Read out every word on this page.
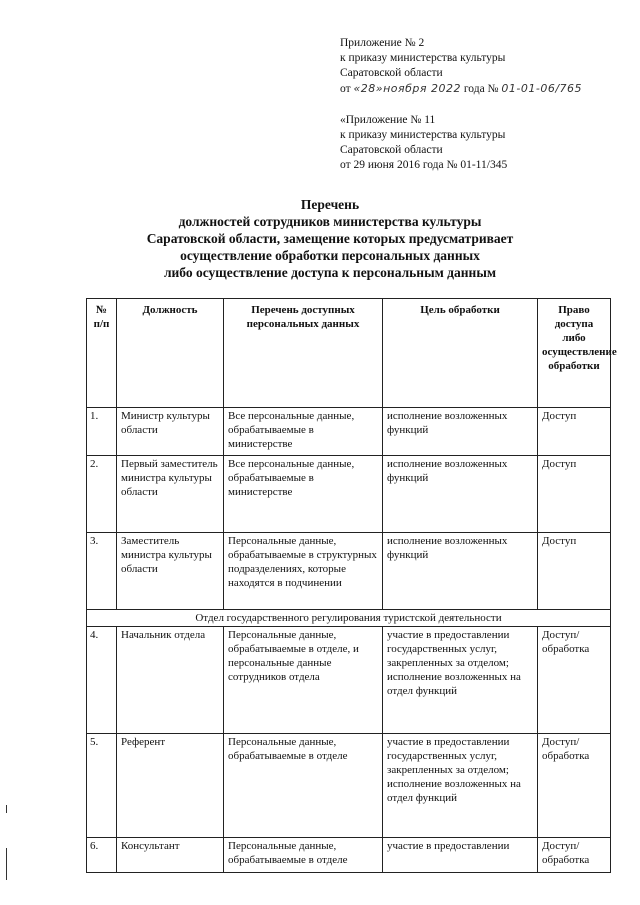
Приложение № 2
к приказу министерства культуры
Саратовской области
от «28»ноября 2022 года № 01-01-06/765
«Приложение № 11
к приказу министерства культуры
Саратовской области
от 29 июня 2016 года № 01-11/345
Перечень
должностей сотрудников министерства культуры
Саратовской области, замещение которых предусматривает
осуществление обработки персональных данных
либо осуществление доступа к персональным данным
№ п/п	Должность	Перечень доступных персональных данных	Цель обработки	Право доступа либо осуществление обработки
1.	Министр культуры области	Все персональные данные, обрабатываемые в министерстве	исполнение возложенных функций	Доступ
2.	Первый заместитель министра культуры области	Все персональные данные, обрабатываемые в министерстве	исполнение возложенных функций	Доступ
3.	Заместитель министра культуры области	Персональные данные, обрабатываемые в структурных подразделениях, которые находятся в подчинении	исполнение возложенных функций	Доступ
Отдел государственного регулирования туристской деятельности				
4.	Начальник отдела	Персональные данные, обрабатываемые в отделе, и персональные данные сотрудников отдела	участие в предоставлении государственных услуг, закрепленных за отделом; исполнение возложенных на отдел функций	Доступ/ обработка
5.	Референт	Персональные данные, обрабатываемые в отделе	участие в предоставлении государственных услуг, закрепленных за отделом; исполнение возложенных на отдел функций	Доступ/ обработка
6.	Консультант	Персональные данные, обрабатываемые в отделе	участие в предоставлении	Доступ/ обработка
